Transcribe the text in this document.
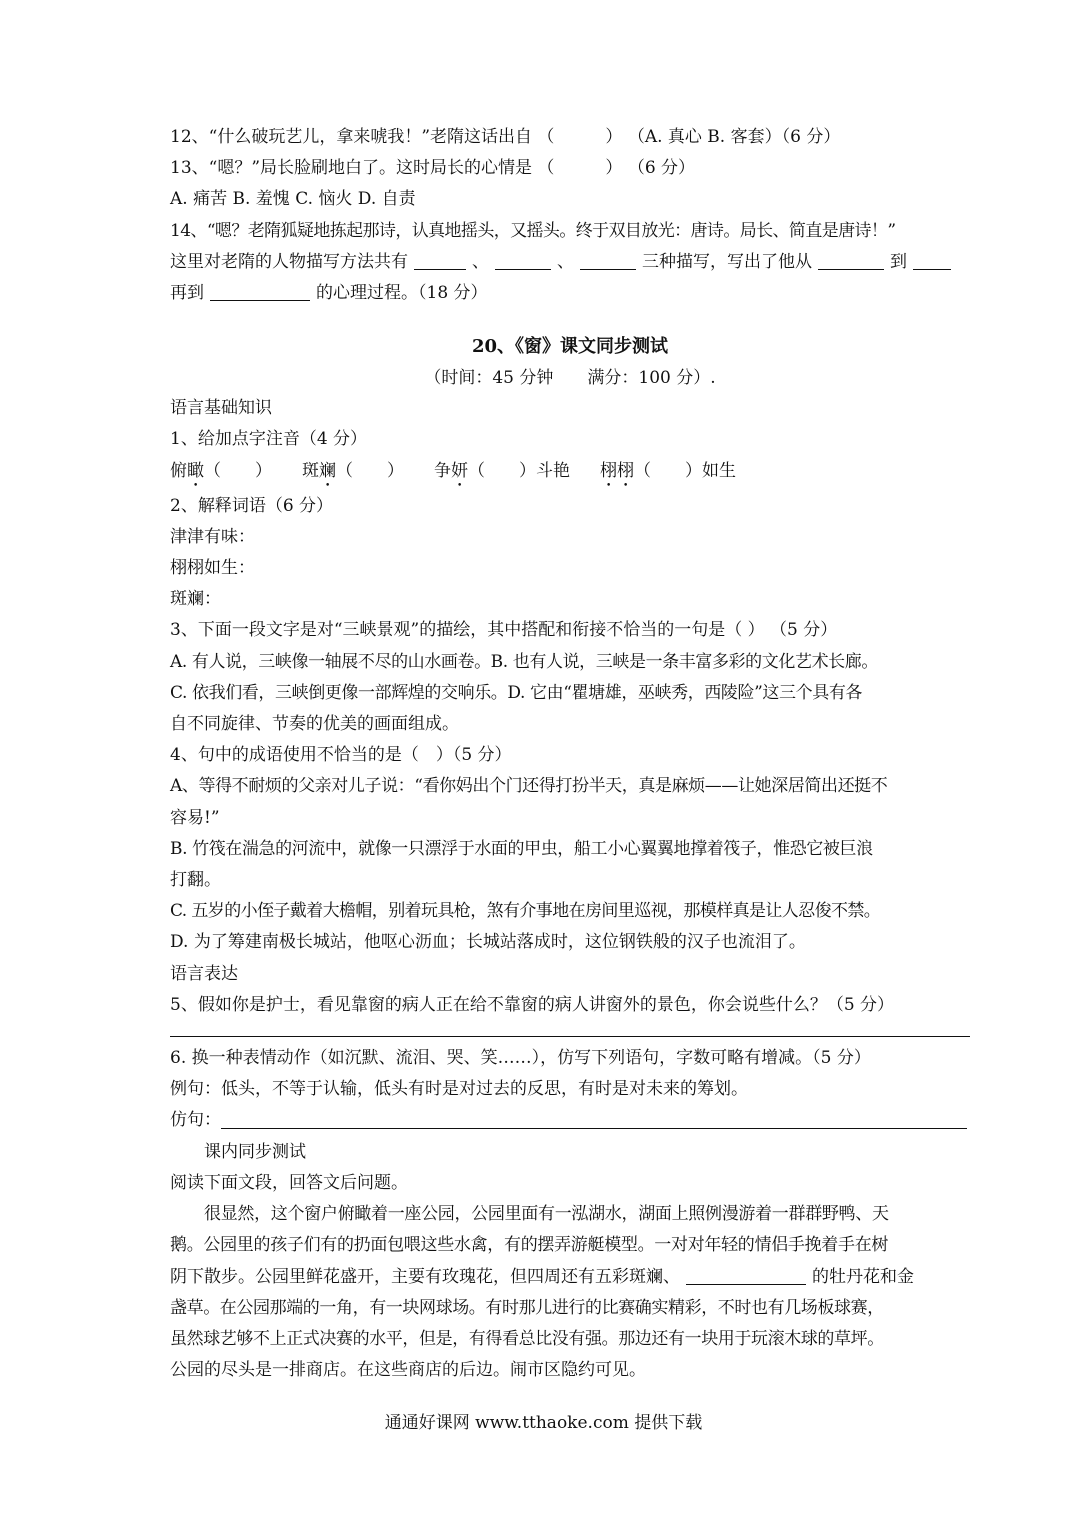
12、“什么破玩艺儿，拿来唬我！”老隋这话出自 （　　　） （A. 真心 B. 客套）（6 分）
13、“嗯？”局长脸刷地白了。这时局长的心情是 （　　　） （6 分）
A. 痛苦 B. 羞愧 C. 恼火 D. 自责
14、“嗯？老隋狐疑地拣起那诗，认真地摇头，又摇头。终于双目放光：唐诗。局长、简直是唐诗！”
这里对老隋的人物描写方法共有	、	、	三种描写，写出了他从	到
再到	的心理过程。（18 分）
20、《窗》课文同步测试
（时间：45 分钟　　满分：100 分）.
语言基础知识
1、给加点字注音（4 分）
俯瞰（　　） 斑斓（　　） 争妍（　　）斗艳 栩栩（　　）如生
2、解释词语（6 分）
津津有味：
栩栩如生：
斑斓：
3、下面一段文字是对“三峡景观”的描绘，其中搭配和衔接不恰当的一句是（ ） （5 分）
A. 有人说，三峡像一轴展不尽的山水画卷。B. 也有人说，三峡是一条丰富多彩的文化艺术长廊。
C. 依我们看，三峡倒更像一部辉煌的交响乐。D. 它由“瞿塘雄，巫峡秀，西陵险”这三个具有各
自不同旋律、节奏的优美的画面组成。
4、句中的成语使用不恰当的是（　）（5 分）
A、等得不耐烦的父亲对儿子说：“看你妈出个门还得打扮半天，真是麻烦——让她深居简出还挺不
容易!”
B. 竹筏在湍急的河流中，就像一只漂浮于水面的甲虫，船工小心翼翼地撑着筏子，惟恐它被巨浪
打翻。
C. 五岁的小侄子戴着大檐帽，别着玩具枪，煞有介事地在房间里巡视，那模样真是让人忍俊不禁。
D. 为了筹建南极长城站，他呕心沥血；长城站落成时，这位钢铁般的汉子也流泪了。
语言表达
5、假如你是护士，看见靠窗的病人正在给不靠窗的病人讲窗外的景色，你会说些什么？（5 分）
6. 换一种表情动作（如沉默、流泪、哭、笑……），仿写下列语句，字数可略有增减。（5 分）
例句：低头，不等于认输，低头有时是对过去的反思，有时是对未来的筹划。
仿句：
课内同步测试
阅读下面文段，回答文后问题。
很显然，这个窗户俯瞰着一座公园，公园里面有一泓湖水，湖面上照例漫游着一群群野鸭、天
鹅。公园里的孩子们有的扔面包喂这些水禽，有的摆弄游艇模型。一对对年轻的情侣手挽着手在树
阴下散步。公园里鲜花盛开，主要有玫瑰花，但四周还有五彩斑斓、	的牡丹花和金
盏草。在公园那端的一角，有一块网球场。有时那儿进行的比赛确实精彩，不时也有几场板球赛，
虽然球艺够不上正式决赛的水平，但是，有得看总比没有强。那边还有一块用于玩滚木球的草坪。
公园的尽头是一排商店。在这些商店的后边。闹市区隐约可见。
通通好课网 www.tthaoke.com 提供下载
